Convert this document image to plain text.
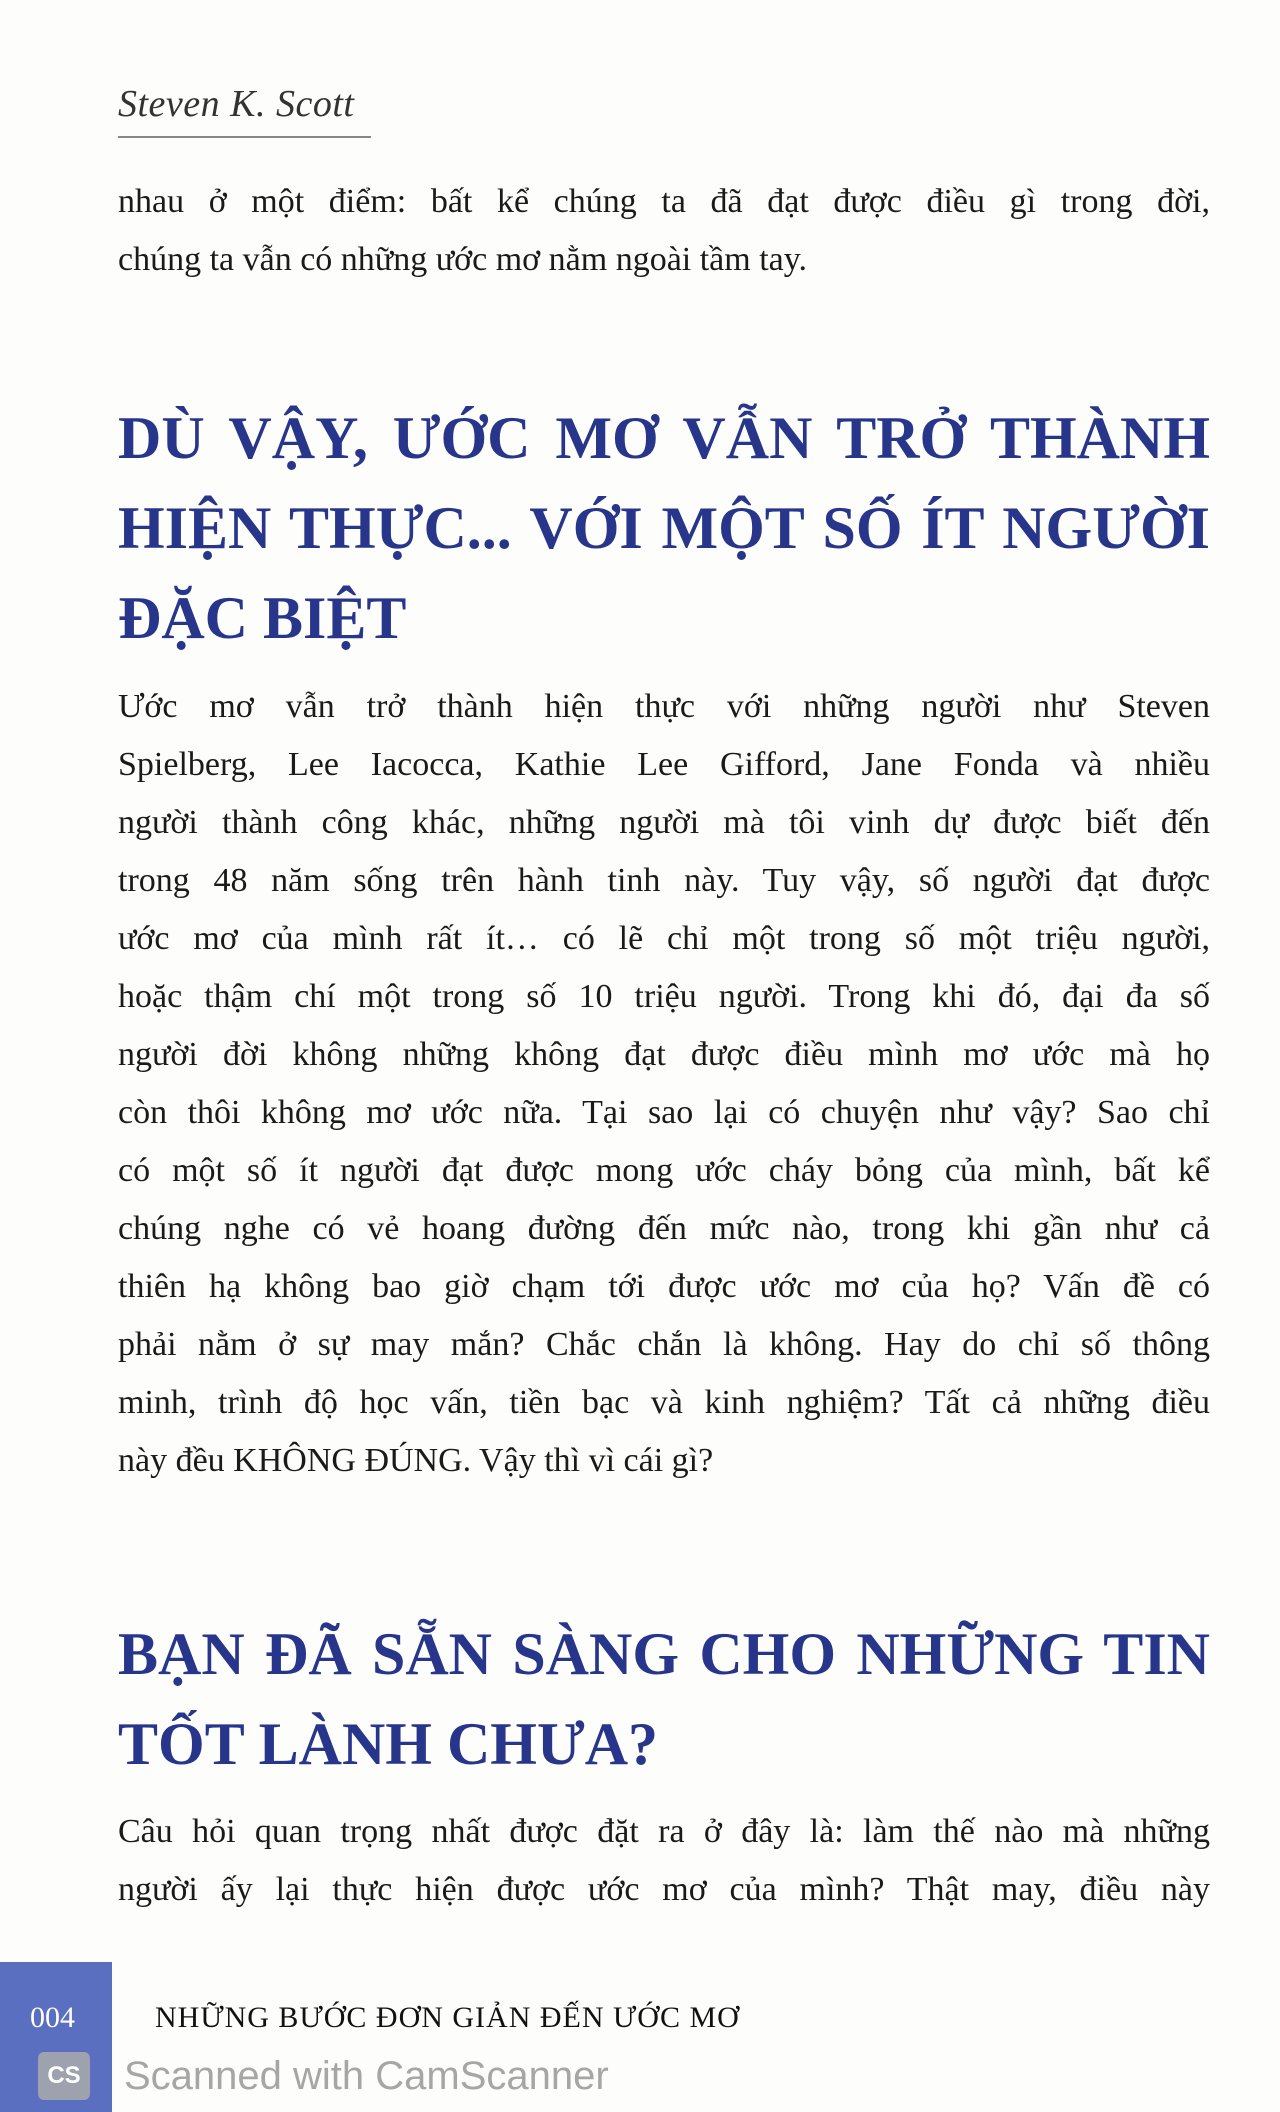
Steven K. Scott
nhau ở một điểm: bất kể chúng ta đã đạt được điều gì trong đời,
chúng ta vẫn có những ước mơ nằm ngoài tầm tay.
DÙ VẬY, ƯỚC MƠ VẪN TRỞ THÀNH
HIỆN THỰC... VỚI MỘT SỐ ÍT NGƯỜI
ĐẶC BIỆT
Ước mơ vẫn trở thành hiện thực với những người như Steven
Spielberg, Lee Iacocca, Kathie Lee Gifford, Jane Fonda và nhiều
người thành công khác, những người mà tôi vinh dự được biết đến
trong 48 năm sống trên hành tinh này. Tuy vậy, số người đạt được
ước mơ của mình rất ít… có lẽ chỉ một trong số một triệu người,
hoặc thậm chí một trong số 10 triệu người. Trong khi đó, đại đa số
người đời không những không đạt được điều mình mơ ước mà họ
còn thôi không mơ ước nữa. Tại sao lại có chuyện như vậy? Sao chỉ
có một số ít người đạt được mong ước cháy bỏng của mình, bất kể
chúng nghe có vẻ hoang đường đến mức nào, trong khi gần như cả
thiên hạ không bao giờ chạm tới được ước mơ của họ? Vấn đề có
phải nằm ở sự may mắn? Chắc chắn là không. Hay do chỉ số thông
minh, trình độ học vấn, tiền bạc và kinh nghiệm? Tất cả những điều
này đều KHÔNG ĐÚNG. Vậy thì vì cái gì?
BẠN ĐÃ SẴN SÀNG CHO NHỮNG TIN
TỐT LÀNH CHƯA?
Câu hỏi quan trọng nhất được đặt ra ở đây là: làm thế nào mà những
người ấy lại thực hiện được ước mơ của mình? Thật may, điều này
004	NHỮNG BƯỚC ĐƠN GIẢN ĐẾN ƯỚC MƠ
CS Scanned with CamScanner
